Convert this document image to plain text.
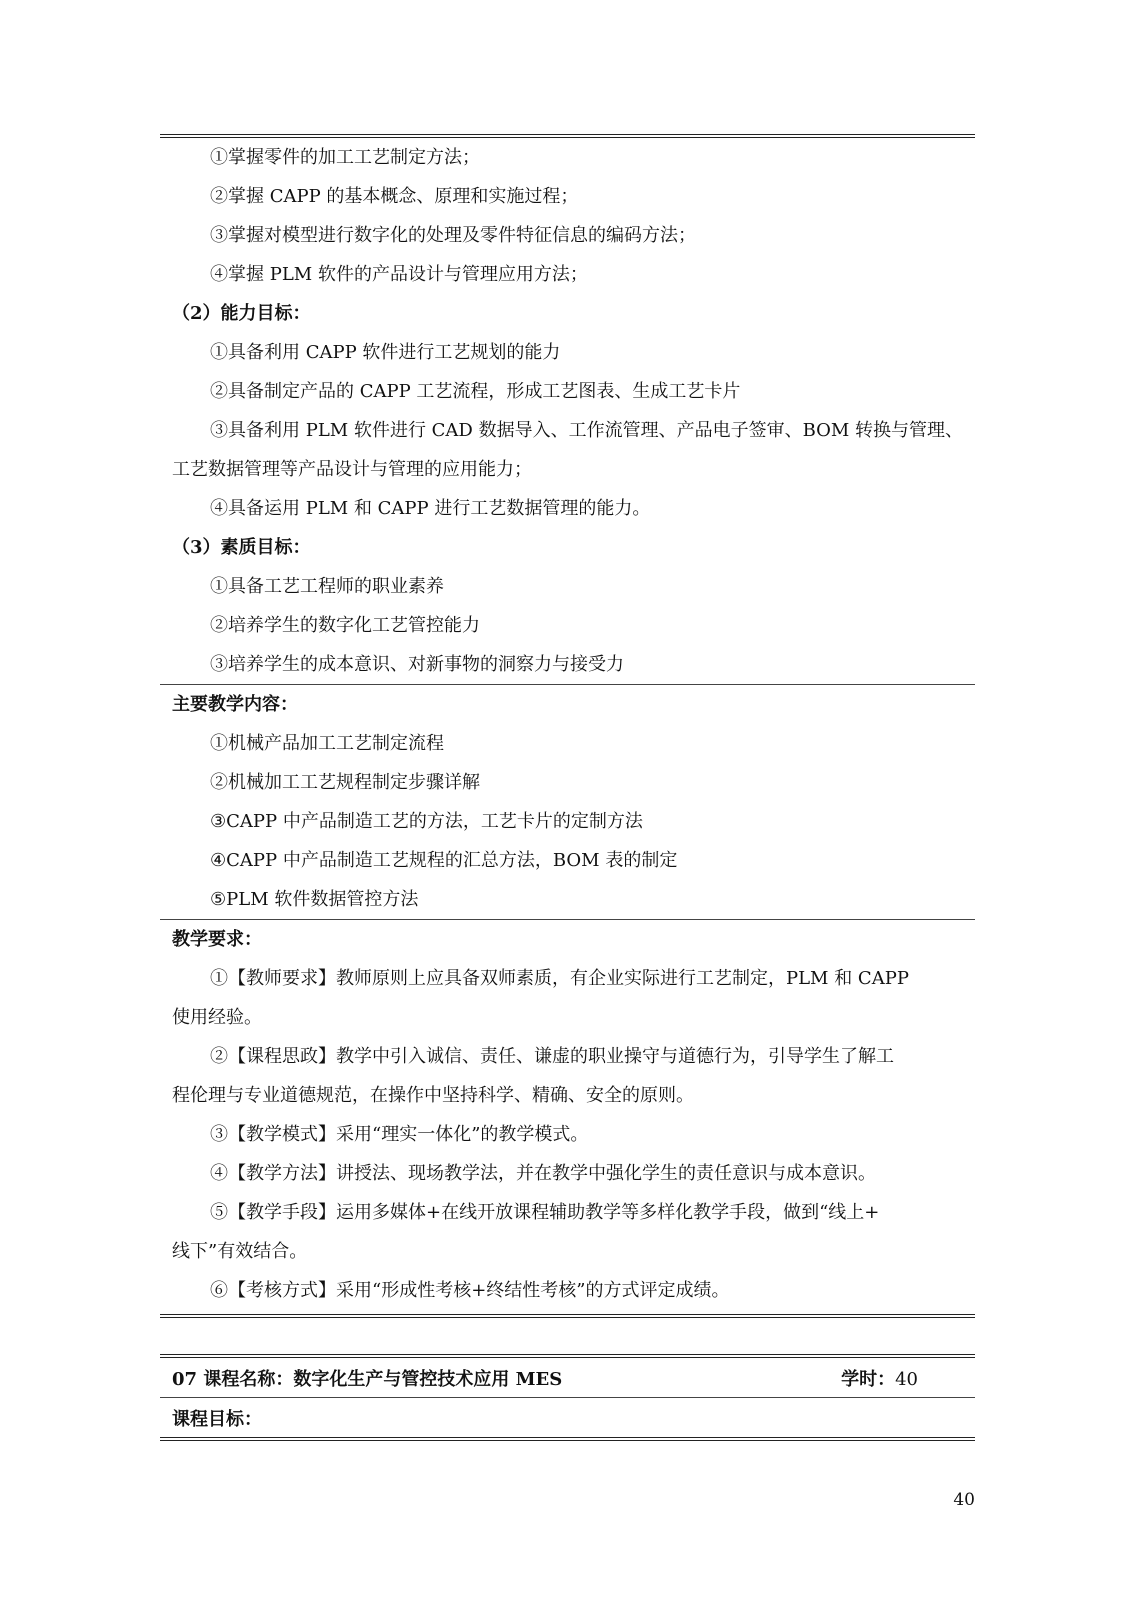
①掌握零件的加工工艺制定方法；
②掌握 CAPP 的基本概念、原理和实施过程；
③掌握对模型进行数字化的处理及零件特征信息的编码方法；
④掌握 PLM 软件的产品设计与管理应用方法；
（2）能力目标：
①具备利用 CAPP 软件进行工艺规划的能力
②具备制定产品的 CAPP 工艺流程，形成工艺图表、生成工艺卡片
③具备利用 PLM 软件进行 CAD 数据导入、工作流管理、产品电子签审、BOM 转换与管理、
工艺数据管理等产品设计与管理的应用能力；
④具备运用 PLM 和 CAPP 进行工艺数据管理的能力。
（3）素质目标：
①具备工艺工程师的职业素养
②培养学生的数字化工艺管控能力
③培养学生的成本意识、对新事物的洞察力与接受力
主要教学内容：
①机械产品加工工艺制定流程
②机械加工工艺规程制定步骤详解
③CAPP 中产品制造工艺的方法，工艺卡片的定制方法
④CAPP 中产品制造工艺规程的汇总方法，BOM 表的制定
⑤PLM 软件数据管控方法
教学要求：
①【教师要求】教师原则上应具备双师素质，有企业实际进行工艺制定，PLM 和 CAPP
使用经验。
②【课程思政】教学中引入诚信、责任、谦虚的职业操守与道德行为，引导学生了解工
程伦理与专业道德规范，在操作中坚持科学、精确、安全的原则。
③【教学模式】采用“理实一体化”的教学模式。
④【教学方法】讲授法、现场教学法，并在教学中强化学生的责任意识与成本意识。
⑤【教学手段】运用多媒体+在线开放课程辅助教学等多样化教学手段，做到“线上+
线下”有效结合。
⑥【考核方式】采用“形成性考核+终结性考核”的方式评定成绩。
07 课程名称：数字化生产与管控技术应用 MES	学时：40
课程目标：
40
